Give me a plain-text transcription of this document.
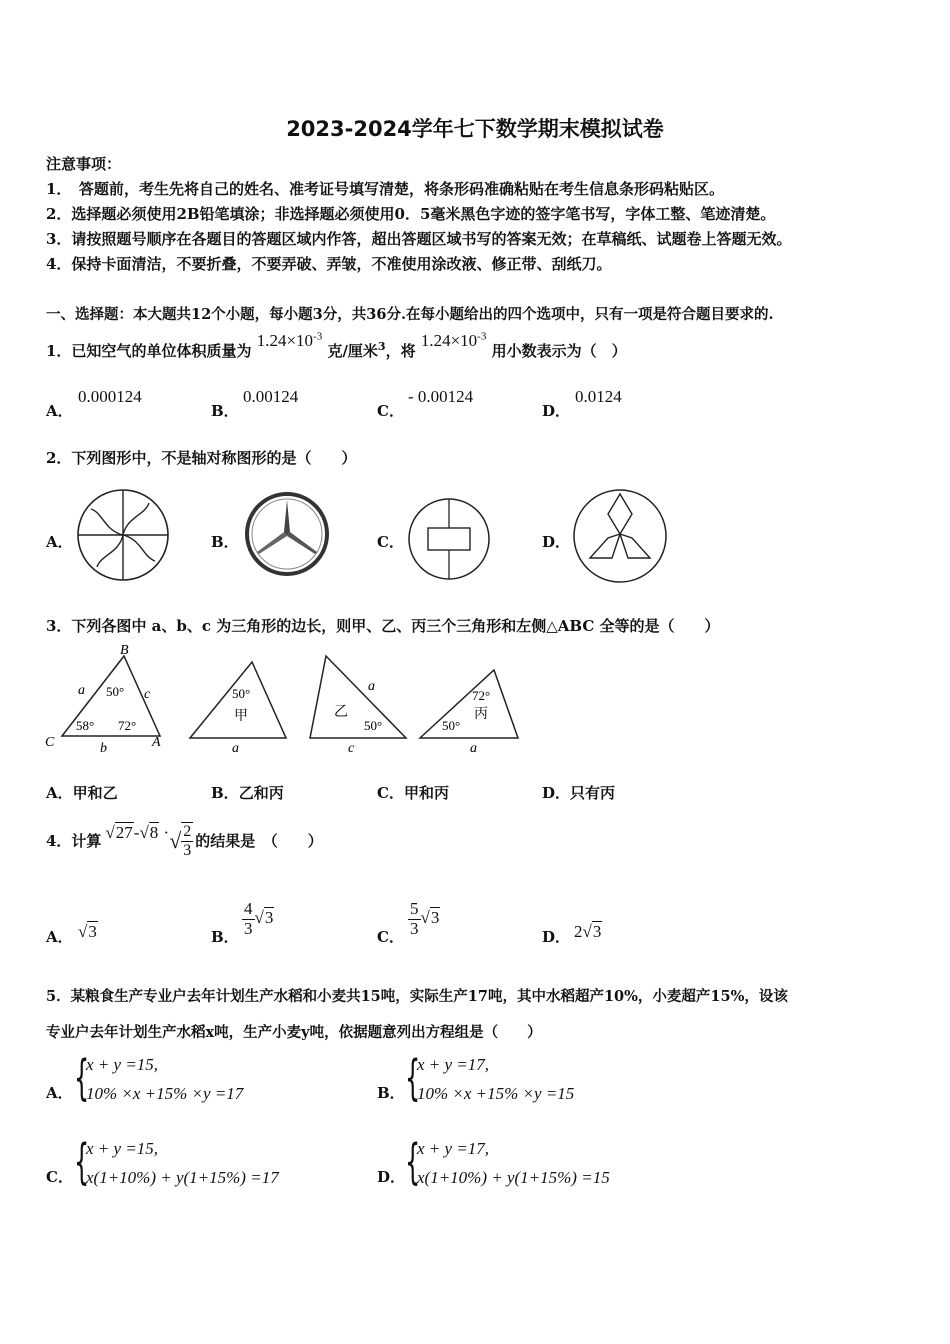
2023-2024学年七下数学期末模拟试卷
注意事项：
1．　答题前，考生先将自己的姓名、准考证号填写清楚，将条形码准确粘贴在考生信息条形码粘贴区。
2．选择题必须使用2B铅笔填涂；非选择题必须使用0．5毫米黑色字迹的签字笔书写，字体工整、笔迹清楚。
3．请按照题号顺序在各题目的答题区域内作答，超出答题区域书写的答案无效；在草稿纸、试题卷上答题无效。
4．保持卡面清洁，不要折叠，不要弄破、弄皱，不准使用涂改液、修正带、刮纸刀。
一、选择题：本大题共12个小题，每小题3分，共36分.在每小题给出的四个选项中，只有一项是符合题目要求的.
1．已知空气的单位体积质量为 $1.24\times 10^{-3}$ 克/厘米$^3$，将 $1.24\times 10^{-3}$ 用小数表示为（　）
A．
0.000124
B．
0.00124
C．
- 0.00124
D．
0.0124
2．下列图形中，不是轴对称图形的是（　　）
A．	B．	C．	D．
3．下列各图中 a、b、c 为三角形的边长，则甲、乙、丙三个三角形和左侧△ABC 全等的是（　　）
B
C	A
a	c
b
50°
58° 72°
50°
甲
a
乙
a
50°
c
72°
丙
50°
a
A．甲和乙	B．乙和丙	C．甲和丙	D．只有丙
4．计算 √27-√8 · √ $\frac{2}{3}$ 的结果是　（　　）
A． √3	B． $\frac{4}{3} √3$
C． $\frac{5}{3} √3$
D． 2√3
5．某粮食生产专业户去年计划生产水稻和小麦共15吨，实际生产17吨，其中水稻超产10%，小麦超产15%，设该
专业户去年计划生产水稻x吨，生产小麦y吨，依据题意列出方程组是（　　）
A． {
x + y =15,
10% ×x +15% ×y =17	B． {
x + y =17,
10% ×x +15% ×y =15
C． {
x + y =15,
x(1+10%) + y(1+15%) =17	D． {
x + y =17,
x(1+10%) + y(1+15%) =15
